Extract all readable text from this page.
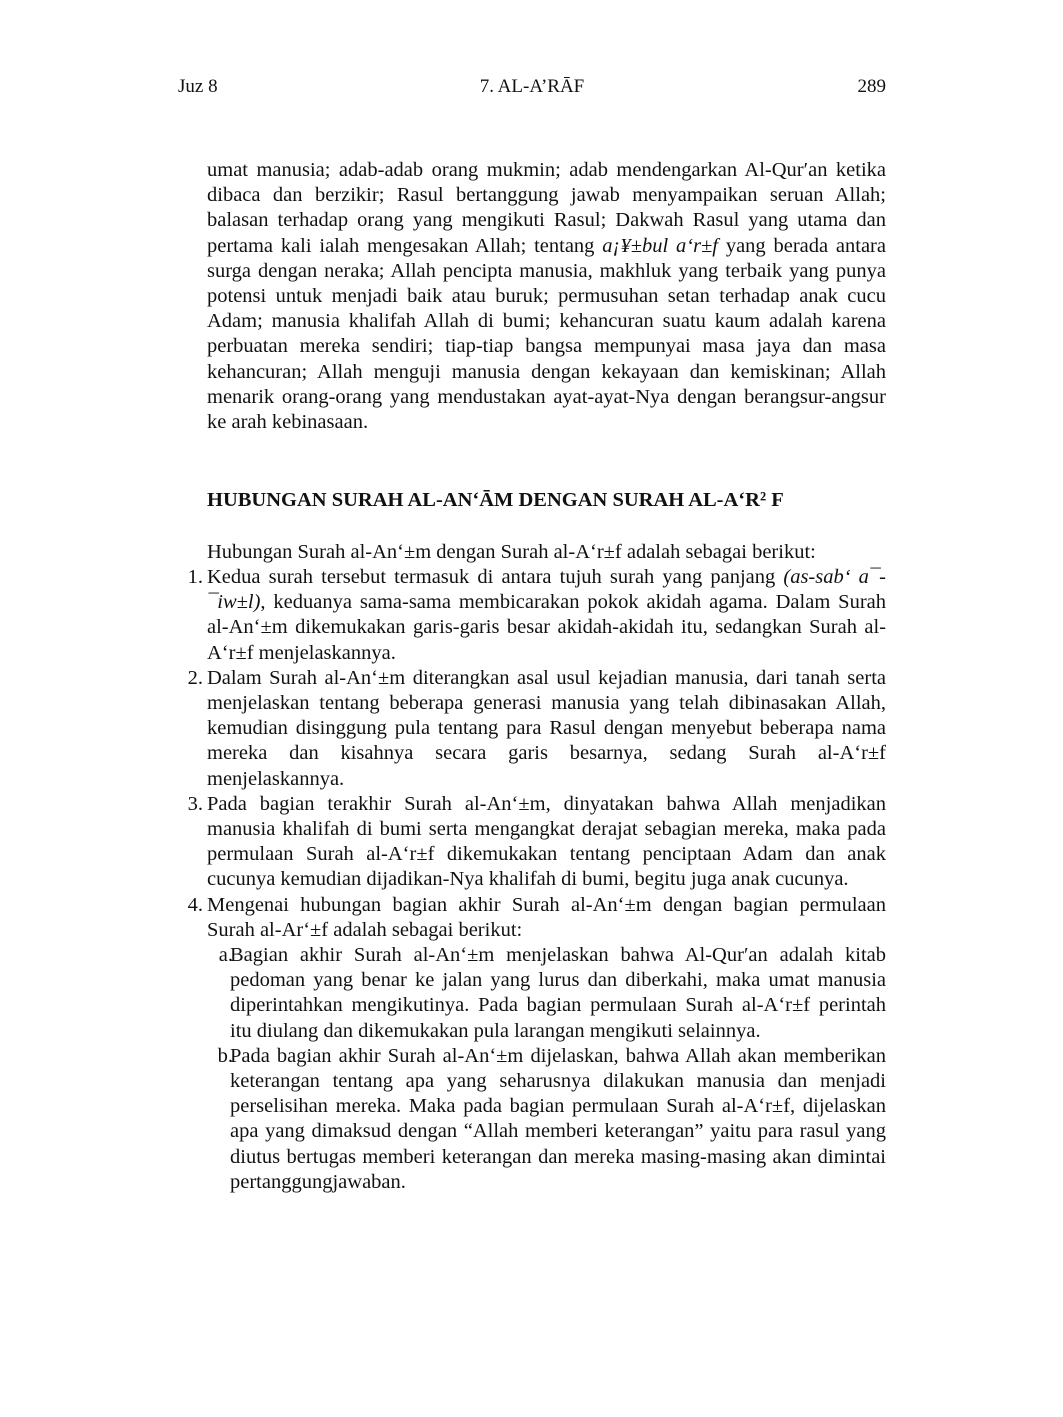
Juz 8	7. AL-A’RĀF	289

umat manusia; adab-adab orang mukmin; adab mendengarkan Al-Qur′an ketika dibaca dan berzikir; Rasul bertanggung jawab menyampaikan seruan Allah; balasan terhadap orang yang mengikuti Rasul; Dakwah Rasul yang utama dan pertama kali ialah mengesakan Allah; tentang a¡¥±bul a‘r±f yang berada antara surga dengan neraka; Allah pencipta manusia, makhluk yang terbaik yang punya potensi untuk menjadi baik atau buruk; permusuhan setan terhadap anak cucu Adam; manusia khalifah Allah di bumi; kehancuran suatu kaum adalah karena perbuatan mereka sendiri; tiap-tiap bangsa mempunyai masa jaya dan masa kehancuran; Allah menguji manusia dengan kekayaan dan kemiskinan; Allah menarik orang-orang yang mendustakan ayat-ayat-Nya dengan berangsur-angsur ke arah kebinasaan.

HUBUNGAN SURAH AL-AN‘ĀM DENGAN SURAH AL-A‘R² F
Hubungan Surah al-An‘±m dengan Surah al-A‘r±f adalah sebagai berikut:
1. Kedua surah tersebut termasuk di antara tujuh surah yang panjang (as-sab‘ a¯-¯iw±l), keduanya sama-sama membicarakan pokok akidah agama. Dalam Surah al-An‘±m dikemukakan garis-garis besar akidah-akidah itu, sedangkan Surah al-A‘r±f menjelaskannya.
2. Dalam Surah al-An‘±m diterangkan asal usul kejadian manusia, dari tanah serta menjelaskan tentang beberapa generasi manusia yang telah dibinasakan Allah, kemudian disinggung pula tentang para Rasul dengan menyebut beberapa nama mereka dan kisahnya secara garis besarnya, sedang Surah al-A‘r±f menjelaskannya.
3. Pada bagian terakhir Surah al-An‘±m, dinyatakan bahwa Allah menjadikan manusia khalifah di bumi serta mengangkat derajat sebagian mereka, maka pada permulaan Surah al-A‘r±f dikemukakan tentang penciptaan Adam dan anak cucunya kemudian dijadikan-Nya khalifah di bumi, begitu juga anak cucunya.
4. Mengenai hubungan bagian akhir Surah al-An‘±m dengan bagian permulaan Surah al-Ar‘±f adalah sebagai berikut:
a.
Bagian akhir Surah al-An‘±m menjelaskan bahwa Al-Qur′an adalah kitab pedoman yang benar ke jalan yang lurus dan diberkahi, maka umat manusia diperintahkan mengikutinya. Pada bagian permulaan Surah al-A‘r±f perintah itu diulang dan dikemukakan pula larangan mengikuti selainnya.
b.
Pada bagian akhir Surah al-An‘±m dijelaskan, bahwa Allah akan memberikan keterangan tentang apa yang seharusnya dilakukan manusia dan menjadi perselisihan mereka. Maka pada bagian permulaan Surah al-A‘r±f, dijelaskan apa yang dimaksud dengan “Allah memberi keterangan” yaitu para rasul yang diutus bertugas memberi keterangan dan mereka masing-masing akan dimintai pertanggungjawaban.
